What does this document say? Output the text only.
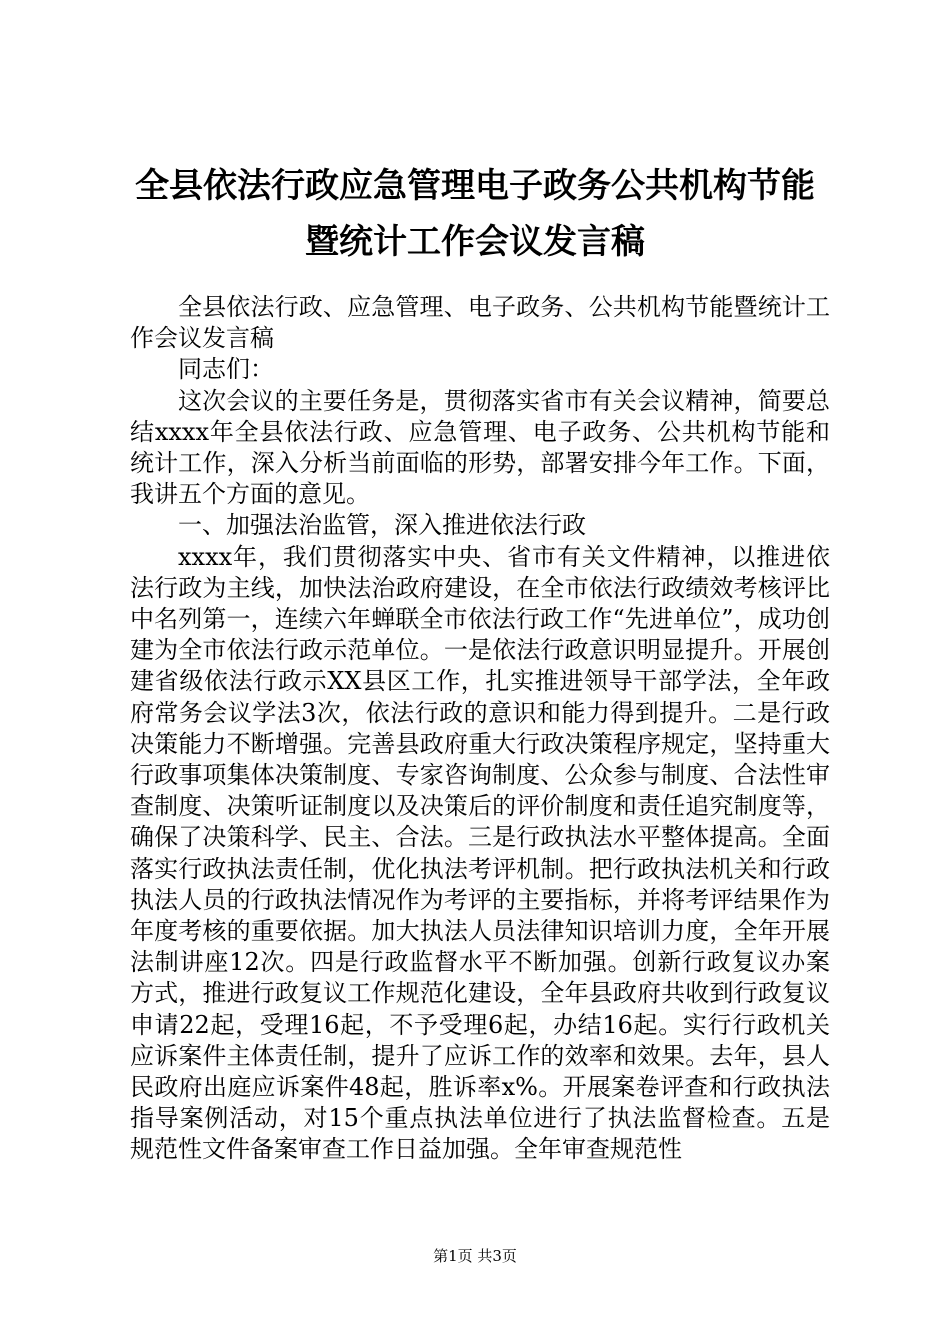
全县依法行政应急管理电子政务公共机构节能
暨统计工作会议发言稿

全县依法行政、应急管理、电子政务、公共机构节能暨统计工作会议发言稿

同志们：

这次会议的主要任务是，贯彻落实省市有关会议精神，简要总结xxxx年全县依法行政、应急管理、电子政务、公共机构节能和统计工作，深入分析当前面临的形势，部署安排今年工作。下面，我讲五个方面的意见。

一、加强法治监管，深入推进依法行政

xxxx年，我们贯彻落实中央、省市有关文件精神，以推进依法行政为主线，加快法治政府建设，在全市依法行政绩效考核评比中名列第一，连续六年蝉联全市依法行政工作“先进单位”，成功创建为全市依法行政示范单位。一是依法行政意识明显提升。开展创建省级依法行政示XX县区工作，扎实推进领导干部学法，全年政府常务会议学法3次，依法行政的意识和能力得到提升。二是行政决策能力不断增强。完善县政府重大行政决策程序规定，坚持重大行政事项集体决策制度、专家咨询制度、公众参与制度、合法性审查制度、决策听证制度以及决策后的评价制度和责任追究制度等，确保了决策科学、民主、合法。三是行政执法水平整体提高。全面落实行政执法责任制，优化执法考评机制。把行政执法机关和行政执法人员的行政执法情况作为考评的主要指标，并将考评结果作为年度考核的重要依据。加大执法人员法律知识培训力度，全年开展法制讲座12次。四是行政监督水平不断加强。创新行政复议办案方式，推进行政复议工作规范化建设，全年县政府共收到行政复议申请22起，受理16起，不予受理6起，办结16起。实行行政机关应诉案件主体责任制，提升了应诉工作的效率和效果。去年，县人民政府出庭应诉案件48起，胜诉率x%。开展案卷评查和行政执法指导案例活动，对15个重点执法单位进行了执法监督检查。五是规范性文件备案审查工作日益加强。全年审查规范性

第1页 共3页
